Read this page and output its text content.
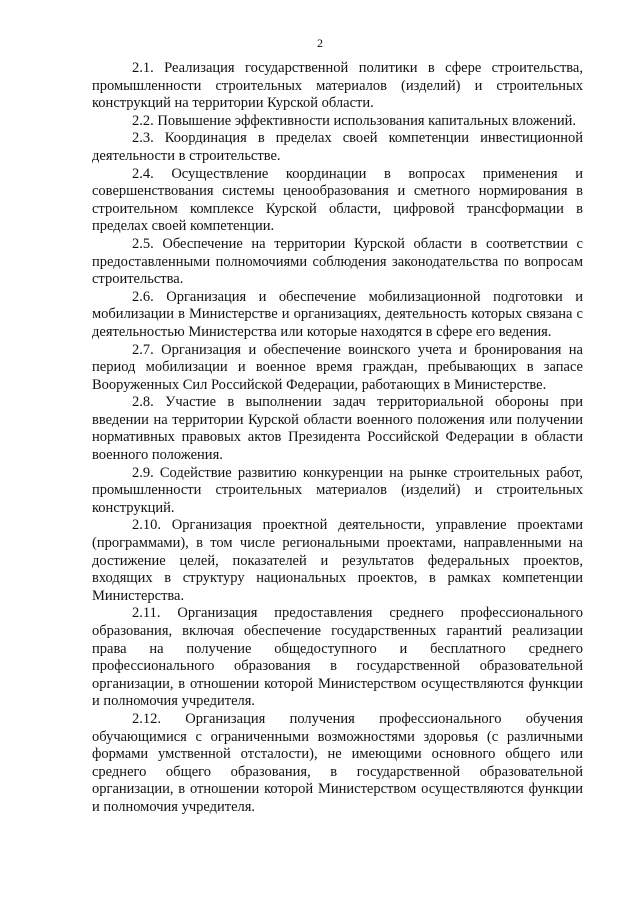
2

2.1. Реализация государственной политики в сфере строительства, промышленности строительных материалов (изделий) и строительных конструкций на территории Курской области.

2.2. Повышение эффективности использования капитальных вложений.

2.3. Координация в пределах своей компетенции инвестиционной деятельности в строительстве.

2.4. Осуществление координации в вопросах применения и совершенствования системы ценообразования и сметного нормирования в строительном комплексе Курской области, цифровой трансформации в пределах своей компетенции.

2.5. Обеспечение на территории Курской области в соответствии с предоставленными полномочиями соблюдения законодательства по вопросам строительства.

2.6. Организация и обеспечение мобилизационной подготовки и мобилизации в Министерстве и организациях, деятельность которых связана с деятельностью Министерства или которые находятся в сфере его ведения.

2.7. Организация и обеспечение воинского учета и бронирования на период мобилизации и военное время граждан, пребывающих в запасе Вооруженных Сил Российской Федерации, работающих в Министерстве.

2.8. Участие в выполнении задач территориальной обороны при введении на территории Курской области военного положения или получении нормативных правовых актов Президента Российской Федерации в области военного положения.

2.9. Содействие развитию конкуренции на рынке строительных работ, промышленности строительных материалов (изделий) и строительных конструкций.

2.10. Организация проектной деятельности, управление проектами (программами), в том числе региональными проектами, направленными на достижение целей, показателей и результатов федеральных проектов, входящих в структуру национальных проектов, в рамках компетенции Министерства.

2.11. Организация предоставления среднего профессионального образования, включая обеспечение государственных гарантий реализации права на получение общедоступного и бесплатного среднего профессионального образования в государственной образовательной организации, в отношении которой Министерством осуществляются функции и полномочия учредителя.

2.12. Организация получения профессионального обучения обучающимися с ограниченными возможностями здоровья (с различными формами умственной отсталости), не имеющими основного общего или среднего общего образования, в государственной образовательной организации, в отношении которой Министерством осуществляются функции и полномочия учредителя.
